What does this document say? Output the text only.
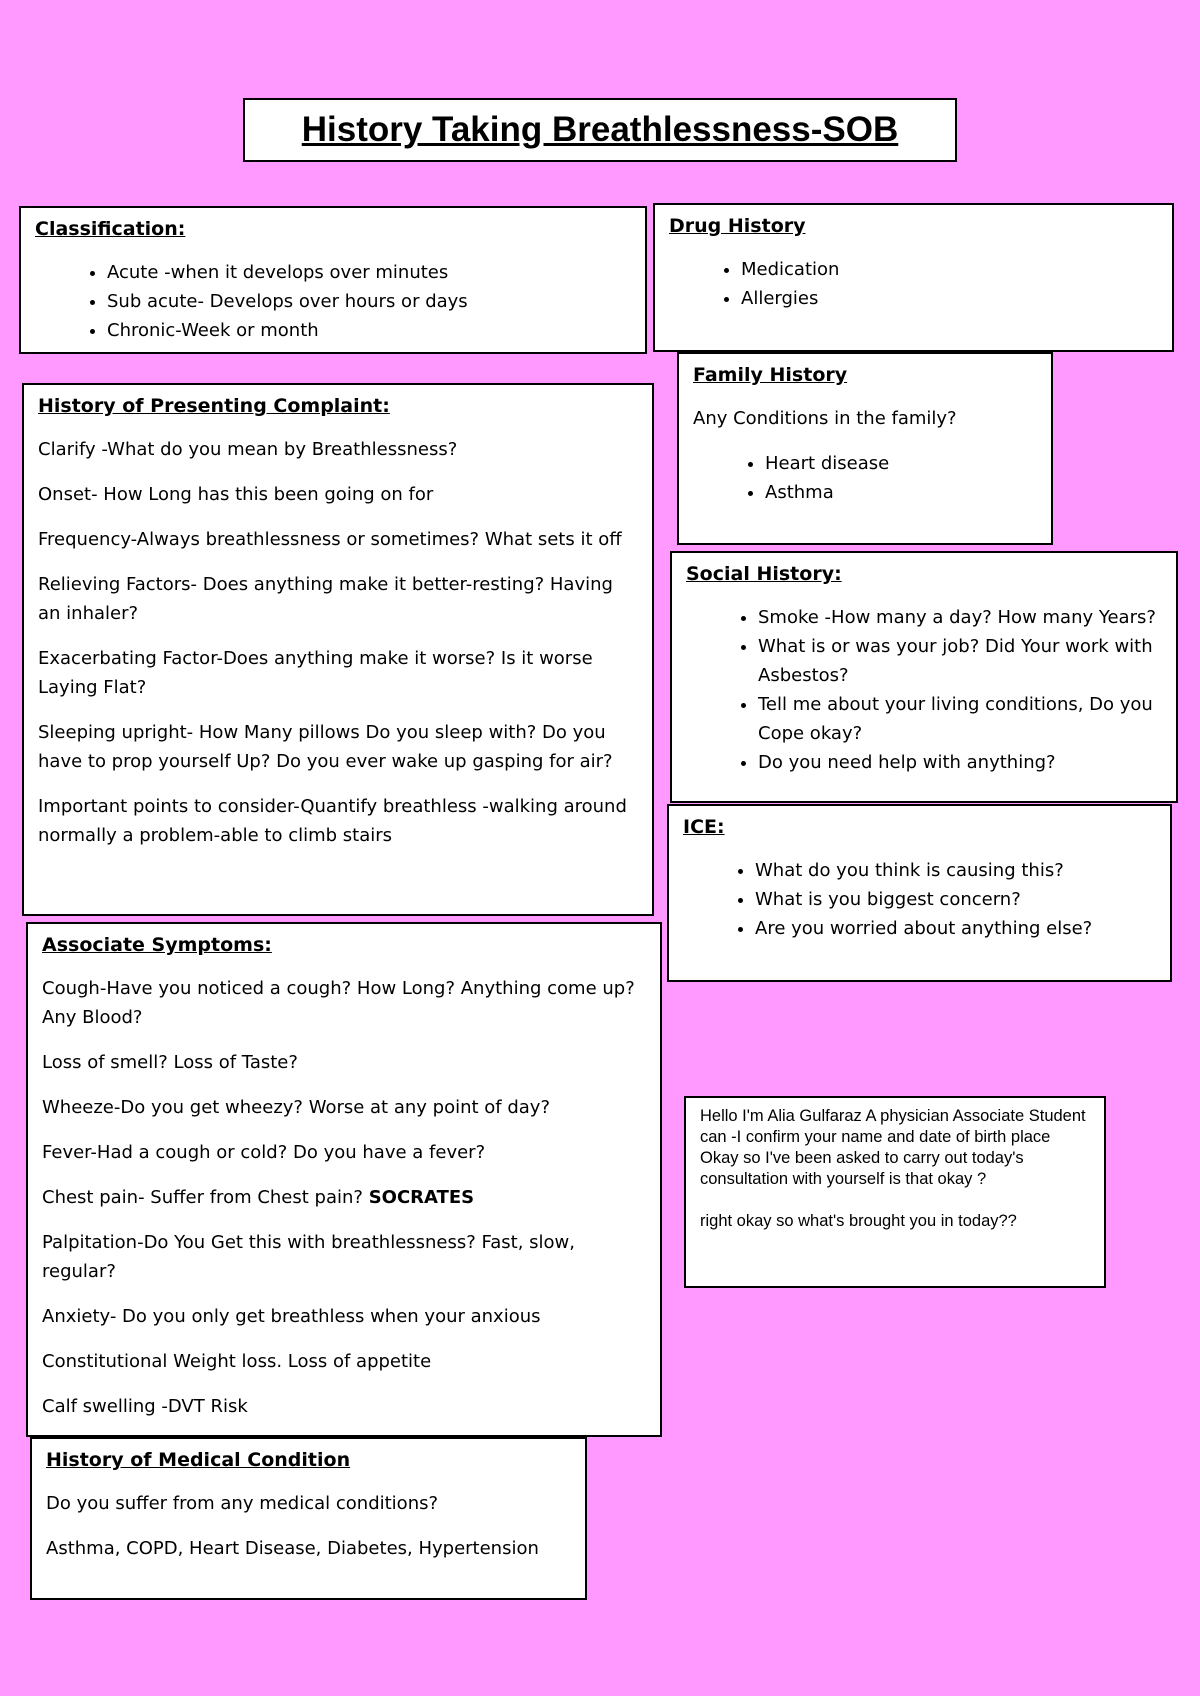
History Taking Breathlessness-SOB
Classification:
• Acute -when it develops over minutes
• Sub acute- Develops over hours or days
• Chronic-Week or month
Drug History
• Medication
• Allergies
Family History

Any Conditions in the family?

• Heart disease
• Asthma
History of Presenting Complaint:

Clarify -What do you mean by Breathlessness?

Onset- How Long has this been going on for

Frequency-Always breathlessness or sometimes? What sets it off

Relieving Factors- Does anything make it better-resting? Having an inhaler?

Exacerbating Factor-Does anything make it worse? Is it worse Laying Flat?

Sleeping upright- How Many pillows Do you sleep with? Do you have to prop yourself Up? Do you ever wake up gasping for air?

Important points to consider-Quantify breathless -walking around normally a problem-able to climb stairs

Social History:
• Smoke -How many a day? How many Years?
• What is or was your job? Did Your work with Asbestos?
• Tell me about your living conditions, Do you Cope okay?
• Do you need help with anything?
ICE:
• What do you think is causing this?
• What is you biggest concern?
• Are you worried about anything else?
Associate Symptoms:

Cough-Have you noticed a cough? How Long? Anything come up? Any Blood?

Loss of smell? Loss of Taste?

Wheeze-Do you get wheezy? Worse at any point of day?

Fever-Had a cough or cold? Do you have a fever?

Chest pain- Suffer from Chest pain? SOCRATES

Palpitation-Do You Get this with breathlessness? Fast, slow, regular?

Anxiety- Do you only get breathless when your anxious

Constitutional Weight loss. Loss of appetite

Calf swelling -DVT Risk

History of Medical Condition

Do you suffer from any medical conditions?

Asthma, COPD, Heart Disease, Diabetes, Hypertension

Hello I'm Alia Gulfaraz A physician Associate Student can -I confirm your name and date of birth place

Okay so I've been asked to carry out today's consultation with yourself is that okay ?

right okay so what's brought you in today??
